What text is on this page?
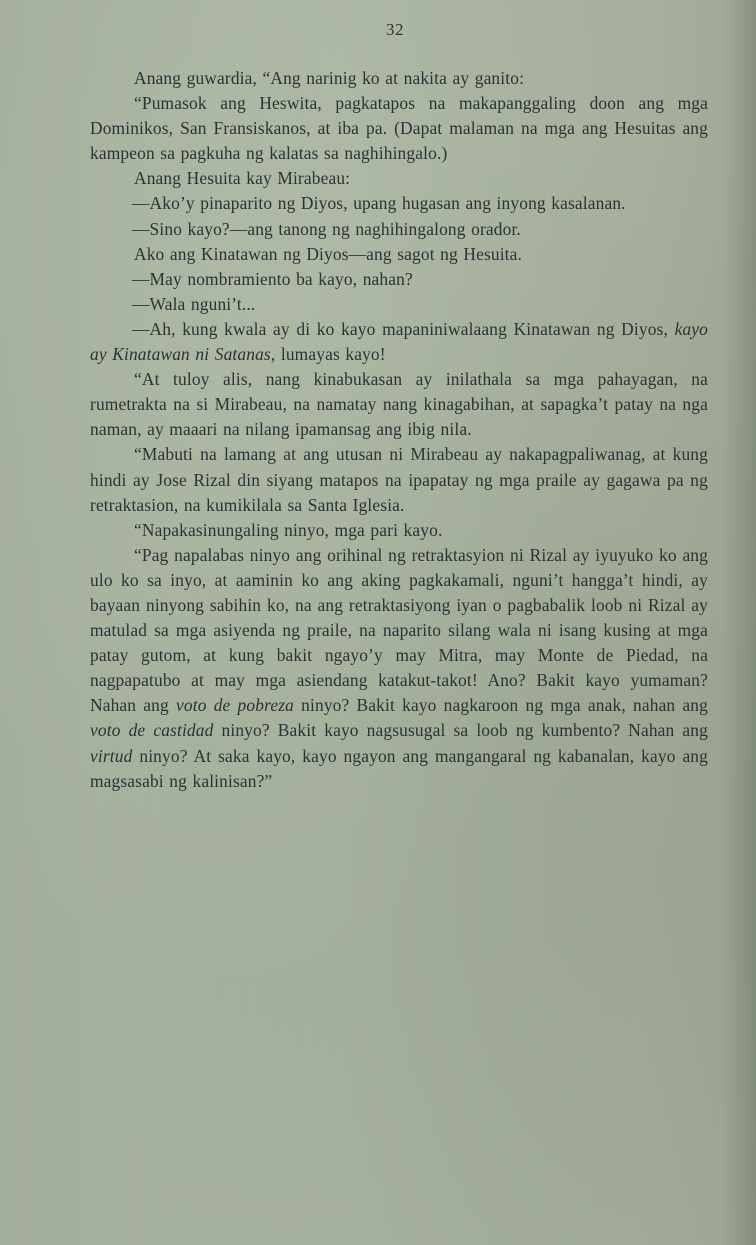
32

Anang guwardia, “Ang narinig ko at nakita ay ganito:

“Pumasok ang Heswita, pagkatapos na makapanggaling doon ang mga Dominikos, San Fransiskanos, at iba pa. (Dapat malaman na mga ang Hesuitas ang kampeon sa pagkuha ng kalatas sa naghihingalo.)

Anang Hesuita kay Mirabeau:

—Ako’y pinaparito ng Diyos, upang hugasan ang inyong kasalanan.

—Sino kayo?—ang tanong ng naghihingalong orador.

Ako ang Kinatawan ng Diyos—ang sagot ng Hesuita.

—May nombramiento ba kayo, nahan?

—Wala nguni’t...

—Ah, kung kwala ay di ko kayo mapaniniwalaang Kinatawan ng Diyos, kayo ay Kinatawan ni Satanas, lumayas kayo!

“At tuloy alis, nang kinabukasan ay inilathala sa mga pahayagan, na rumetrakta na si Mirabeau, na namatay nang kinagabihan, at sapagka’t patay na nga naman, ay maaari na nilang ipamansag ang ibig nila.

“Mabuti na lamang at ang utusan ni Mirabeau ay nakapagpaliwanag, at kung hindi ay Jose Rizal din siyang matapos na ipapatay ng mga praile ay gagawa pa ng retraktasion, na kumikilala sa Santa Iglesia.

“Napakasinungaling ninyo, mga pari kayo.

“Pag napalabas ninyo ang orihinal ng retraktasyion ni Rizal ay iyuyuko ko ang ulo ko sa inyo, at aaminin ko ang aking pagkakamali, nguni’t hangga’t hindi, ay bayaan ninyong sabihin ko, na ang retraktasiyong iyan o pagbabalik loob ni Rizal ay matulad sa mga asiyenda ng praile, na naparito silang wala ni isang kusing at mga patay gutom, at kung bakit ngayo’y may Mitra, may Monte de Piedad, na nagpapatubo at may mga asiendang katakut-takot! Ano? Bakit kayo yumaman? Nahan ang voto de pobreza ninyo? Bakit kayo nagkaroon ng mga anak, nahan ang voto de castidad ninyo? Bakit kayo nagsusugal sa loob ng kumbento? Nahan ang virtud ninyo? At saka kayo, kayo ngayon ang mangangaral ng kabanalan, kayo ang magsasabi ng kalinisan?”
